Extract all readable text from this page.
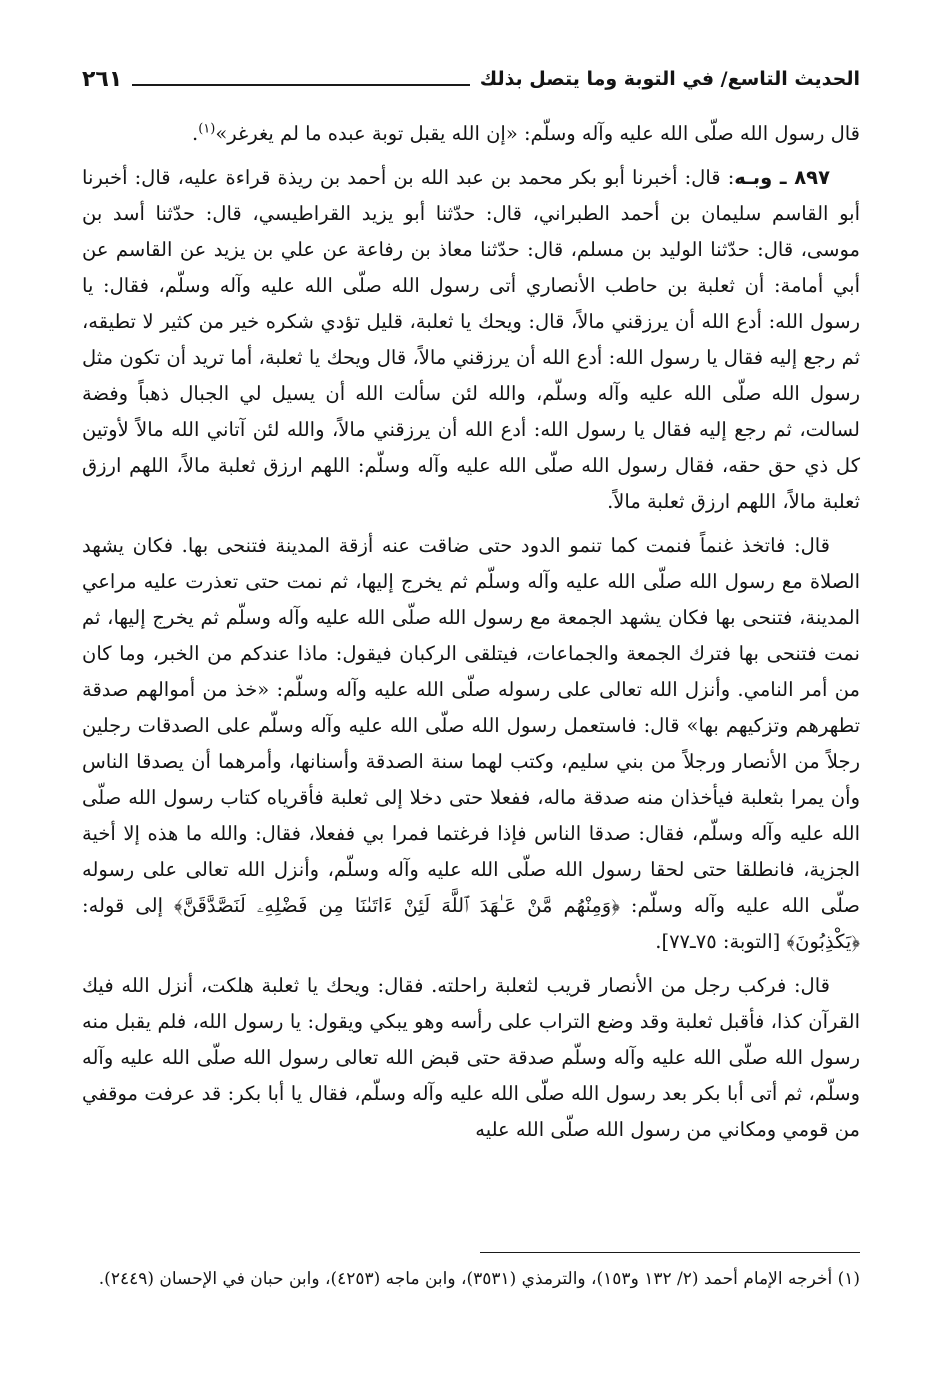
الحديث التاسع/ في التوبة وما يتصل بذلك
٢٦١

قال رسول الله صلّى الله عليه وآله وسلّم: «إن الله يقبل توبة عبده ما لم يغرغر»$^{(١)}$.

٨٩٧ ـ وبـه: قال: أخبرنا أبو بكر محمد بن عبد الله بن أحمد بن ريذة قراءة عليه، قال: أخبرنا أبو القاسم سليمان بن أحمد الطبراني، قال: حدّثنا أبو يزيد القراطيسي، قال: حدّثنا أسد بن موسى، قال: حدّثنا الوليد بن مسلم، قال: حدّثنا معاذ بن رفاعة عن علي بن يزيد عن القاسم عن أبي أمامة: أن ثعلبة بن حاطب الأنصاري أتى رسول الله صلّى الله عليه وآله وسلّم، فقال: يا رسول الله: أدع الله أن يرزقني مالاً، قال: ويحك يا ثعلبة، قليل تؤدي شكره خير من كثير لا تطيقه، ثم رجع إليه فقال يا رسول الله: أدع الله أن يرزقني مالاً، قال ويحك يا ثعلبة، أما تريد أن تكون مثل رسول الله صلّى الله عليه وآله وسلّم، والله لئن سألت الله أن يسيل لي الجبال ذهباً وفضة لسالت، ثم رجع إليه فقال يا رسول الله: أدع الله أن يرزقني مالاً، والله لئن آتاني الله مالاً لأوتين كل ذي حق حقه، فقال رسول الله صلّى الله عليه وآله وسلّم: اللهم ارزق ثعلبة مالاً، اللهم ارزق ثعلبة مالاً، اللهم ارزق ثعلبة مالاً.

قال: فاتخذ غنماً فنمت كما تنمو الدود حتى ضاقت عنه أزقة المدينة فتنحى بها. فكان يشهد الصلاة مع رسول الله صلّى الله عليه وآله وسلّم ثم يخرج إليها، ثم نمت حتى تعذرت عليه مراعي المدينة، فتنحى بها فكان يشهد الجمعة مع رسول الله صلّى الله عليه وآله وسلّم ثم يخرج إليها، ثم نمت فتنحى بها فترك الجمعة والجماعات، فيتلقى الركبان فيقول: ماذا عندكم من الخبر، وما كان من أمر النامي. وأنزل الله تعالى على رسوله صلّى الله عليه وآله وسلّم: «خذ من أموالهم صدقة تطهرهم وتزكيهم بها» قال: فاستعمل رسول الله صلّى الله عليه وآله وسلّم على الصدقات رجلين رجلاً من الأنصار ورجلاً من بني سليم، وكتب لهما سنة الصدقة وأسنانها، وأمرهما أن يصدقا الناس وأن يمرا بثعلبة فيأخذان منه صدقة ماله، ففعلا حتى دخلا إلى ثعلبة فأقرياه كتاب رسول الله صلّى الله عليه وآله وسلّم، فقال: صدقا الناس فإذا فرغتما فمرا بي ففعلا، فقال: والله ما هذه إلا أخية الجزية، فانطلقا حتى لحقا رسول الله صلّى الله عليه وآله وسلّم، وأنزل الله تعالى على رسوله صلّى الله عليه وآله وسلّم: ﴿وَمِنْهُم مَّنْ عَـٰهَدَ ٱللَّهَ لَئِنْ ءَاتَىٰنَا مِن فَضْلِهِۦ لَنَصَّدَّقَنَّ﴾ إلى قوله: ﴿يَكْذِبُونَ﴾ [التوبة: ٧٥ـ٧٧].

قال: فركب رجل من الأنصار قريب لثعلبة راحلته. فقال: ويحك يا ثعلبة هلكت، أنزل الله فيك القرآن كذا، فأقبل ثعلبة وقد وضع التراب على رأسه وهو يبكي ويقول: يا رسول الله، فلم يقبل منه رسول الله صلّى الله عليه وآله وسلّم صدقة حتى قبض الله تعالى رسول الله صلّى الله عليه وآله وسلّم، ثم أتى أبا بكر بعد رسول الله صلّى الله عليه وآله وسلّم، فقال يا أبا بكر: قد عرفت موقفي من قومي ومكاني من رسول الله صلّى الله عليه

(١) أخرجه الإمام أحمد (٢/ ١٣٢ و١٥٣)، والترمذي (٣٥٣١)، وابن ماجه (٤٢٥٣)، وابن حبان في الإحسان (٢٤٤٩).
